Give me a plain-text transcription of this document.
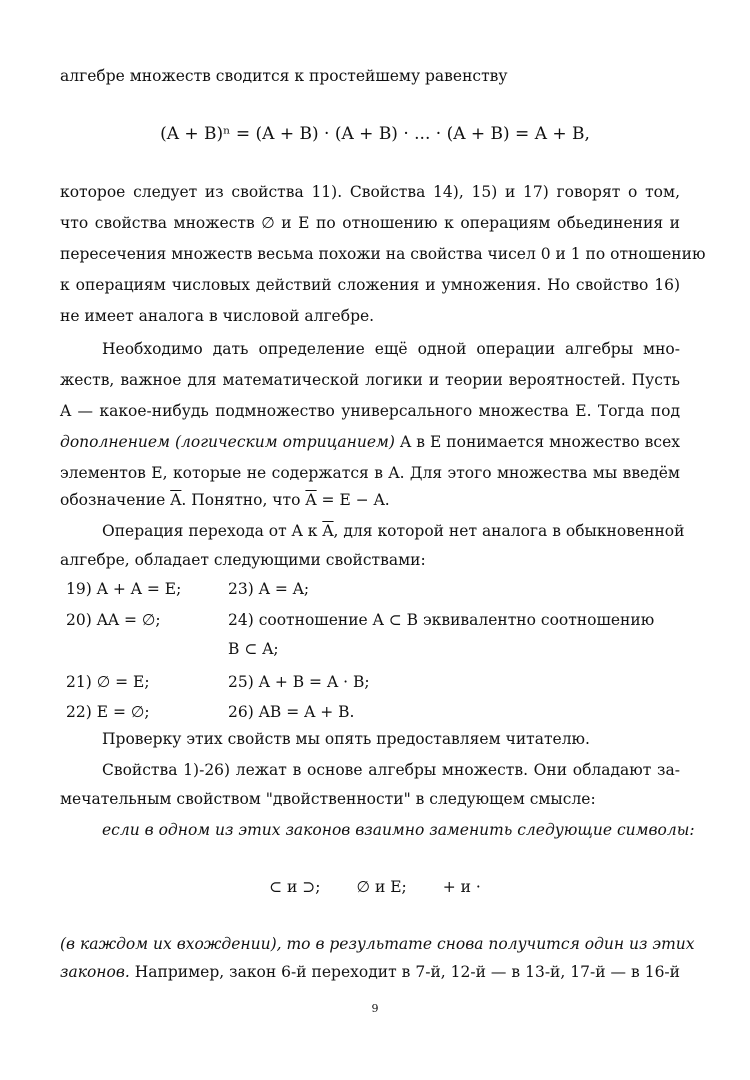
алгебре множеств сводится к простейшему равенству
(A + B)ⁿ = (A + B) · (A + B) · ... · (A + B) = A + B,
которое следует из свойства 11). Свойства 14), 15) и 17) говорят о том,
что свойства множеств ∅ и E по отношению к операциям обьединения и
пересечения множеств весьма похожи на свойства чисел 0 и 1 по отношению
к операциям числовых действий сложения и умножения. Но свойство 16)
не имеет аналога в числовой алгебре.
Необходимо дать определение ещё одной операции алгебры мно-
жеств, важное для математической логики и теории вероятностей. Пусть
A — какое-нибудь подмножество универсального множества E. Тогда под
дополнением (логическим отрицанием) A в E понимается множество всех
элементов E, которые не содержатся в A. Для этого множества мы введём
обозначение $\overline{A}$. Понятно, что $\overline{A} = E - A$.
Операция перехода от A к $\overline{A}$, для которой нет аналога в обыкновенной
алгебре, обладает следующими свойствами:
19) A + A = E;	23) A = A;
20) AA = ∅;	24) соотношение A ⊂ B эквивалентно соотношению
B ⊂ A;
21) ∅ = E;	25) A + B = A · B;
22) E = ∅;	26) AB = A + B.
Проверку этих свойств мы опять предоставляем читателю.
Свойства 1)-26) лежат в основе алгебры множеств. Они обладают за-
мечательным свойством "двойственности" в следующем смысле:
если в одном из этих законов взаимно заменить следующие символы:
⊂ и ⊃; ∅ и E; + и ·
(в каждом их вхождении), то в результате снова получится один из этих
законов. Например, закон 6-й переходит в 7-й, 12-й — в 13-й, 17-й — в 16-й
9
